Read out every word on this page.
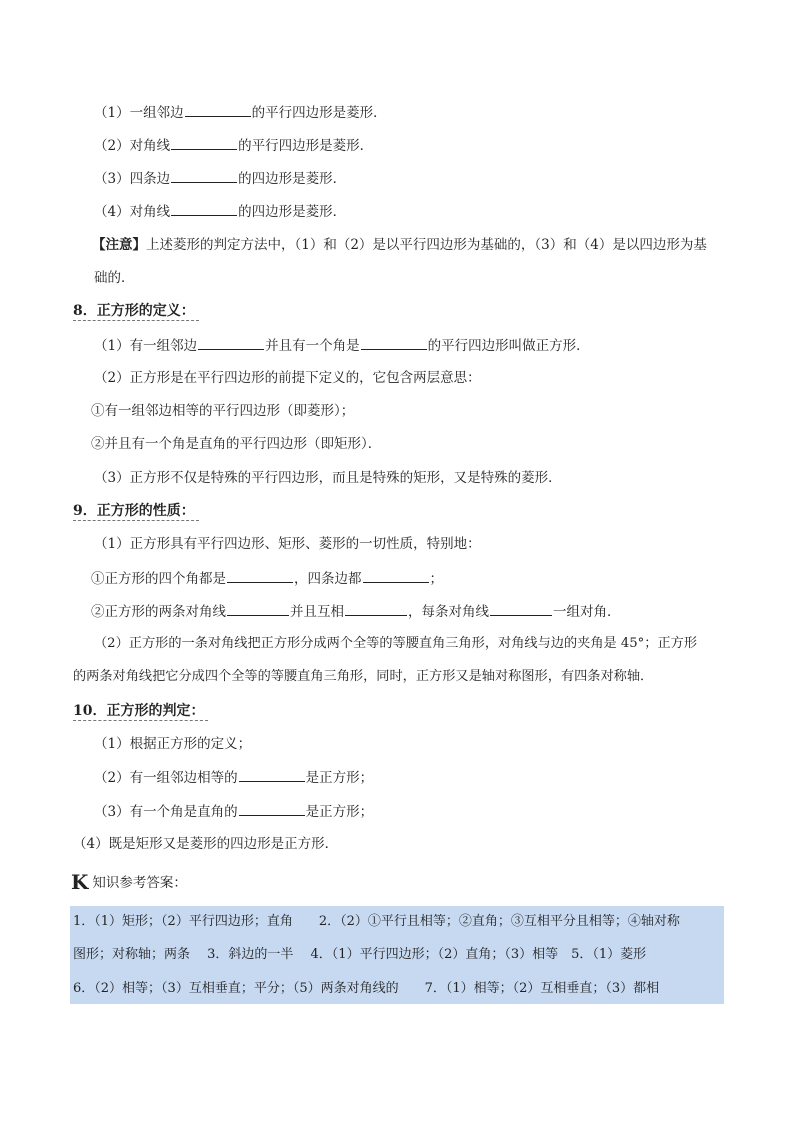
（1）一组邻边	的平行四边形是菱形．
（2）对角线	的平行四边形是菱形．
（3）四条边	的四边形是菱形．
（4）对角线	的四边形是菱形．
【注意】上述菱形的判定方法中，（1）和（2）是以平行四边形为基础的，（3）和（4）是以四边形为基
础的．
8．正方形的定义：
（1）有一组邻边	并且有一个角是	的平行四边形叫做正方形．
（2）正方形是在平行四边形的前提下定义的，它包含两层意思：
①有一组邻边相等的平行四边形（即菱形）；
②并且有一个角是直角的平行四边形（即矩形）．
（3）正方形不仅是特殊的平行四边形，而且是特殊的矩形，又是特殊的菱形．
9．正方形的性质：
（1）正方形具有平行四边形、矩形、菱形的一切性质，特别地：
①正方形的四个角都是	，四条边都	；
②正方形的两条对角线	并且互相	，每条对角线	一组对角．
（2）正方形的一条对角线把正方形分成两个全等的等腰直角三角形，对角线与边的夹角是 45°；正方形
的两条对角线把它分成四个全等的等腰直角三角形，同时，正方形又是轴对称图形，有四条对称轴．
10．正方形的判定：
（1）根据正方形的定义；
（2）有一组邻边相等的	是正方形；
（3）有一个角是直角的	是正方形；
（4）既是矩形又是菱形的四边形是正方形．
K 知识参考答案：
1．（1）矩形；（2）平行四边形；直角　　2．（2）①平行且相等；②直角；③互相平分且相等；④轴对称
图形；对称轴；两条　 3．斜边的一半　 4．（1）平行四边形；（2）直角；（3）相等　5．（1）菱形
6．（2）相等；（3）互相垂直；平分；（5）两条对角线的　　7．（1）相等；（2）互相垂直；（3）都相
